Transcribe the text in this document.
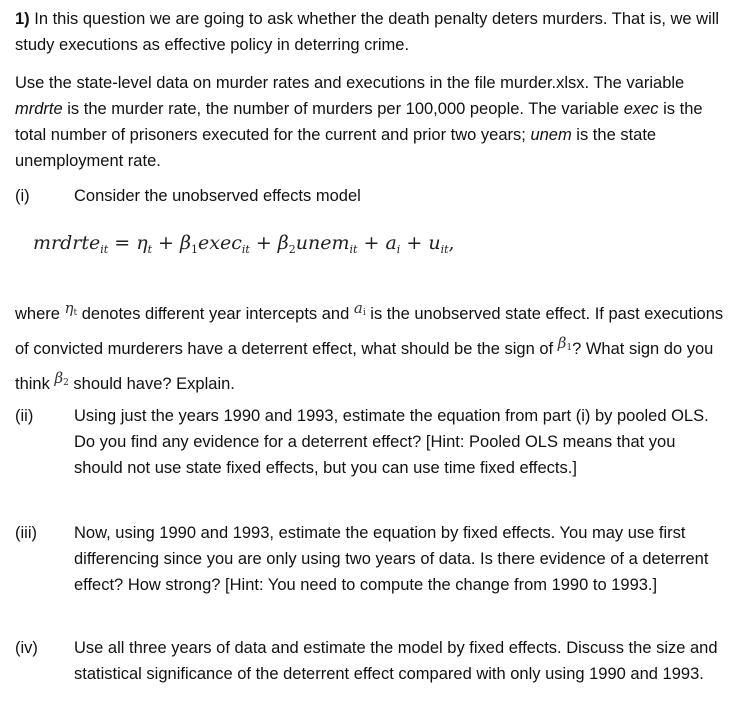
1) In this question we are going to ask whether the death penalty deters murders. That is, we will study executions as effective policy in deterring crime.
Use the state-level data on murder rates and executions in the file murder.xlsx. The variable mrdrte is the murder rate, the number of murders per 100,000 people. The variable exec is the total number of prisoners executed for the current and prior two years; unem is the state unemployment rate.
(i)	Consider the unobserved effects model
mrdrte$_{it}$ = $\eta_t$ + $\beta_1exec_{it}$ + $\beta_2unem_{it} + a_i + u_{it}$,
where $\eta_t$ denotes different year intercepts and $a_i$ is the unobserved state effect. If past executions of convicted murderers have a deterrent effect, what should be the sign of $\beta_1$? What sign do you think $\beta_2$ should have? Explain.
(ii)	Using just the years 1990 and 1993, estimate the equation from part (i) by pooled OLS. Do you find any evidence for a deterrent effect? [Hint: Pooled OLS means that you should not use state fixed effects, but you can use time fixed effects.]
(iii)	Now, using 1990 and 1993, estimate the equation by fixed effects. You may use first differencing since you are only using two years of data. Is there evidence of a deterrent effect? How strong? [Hint: You need to compute the change from 1990 to 1993.]
(iv)	Use all three years of data and estimate the model by fixed effects. Discuss the size and statistical significance of the deterrent effect compared with only using 1990 and 1993.
